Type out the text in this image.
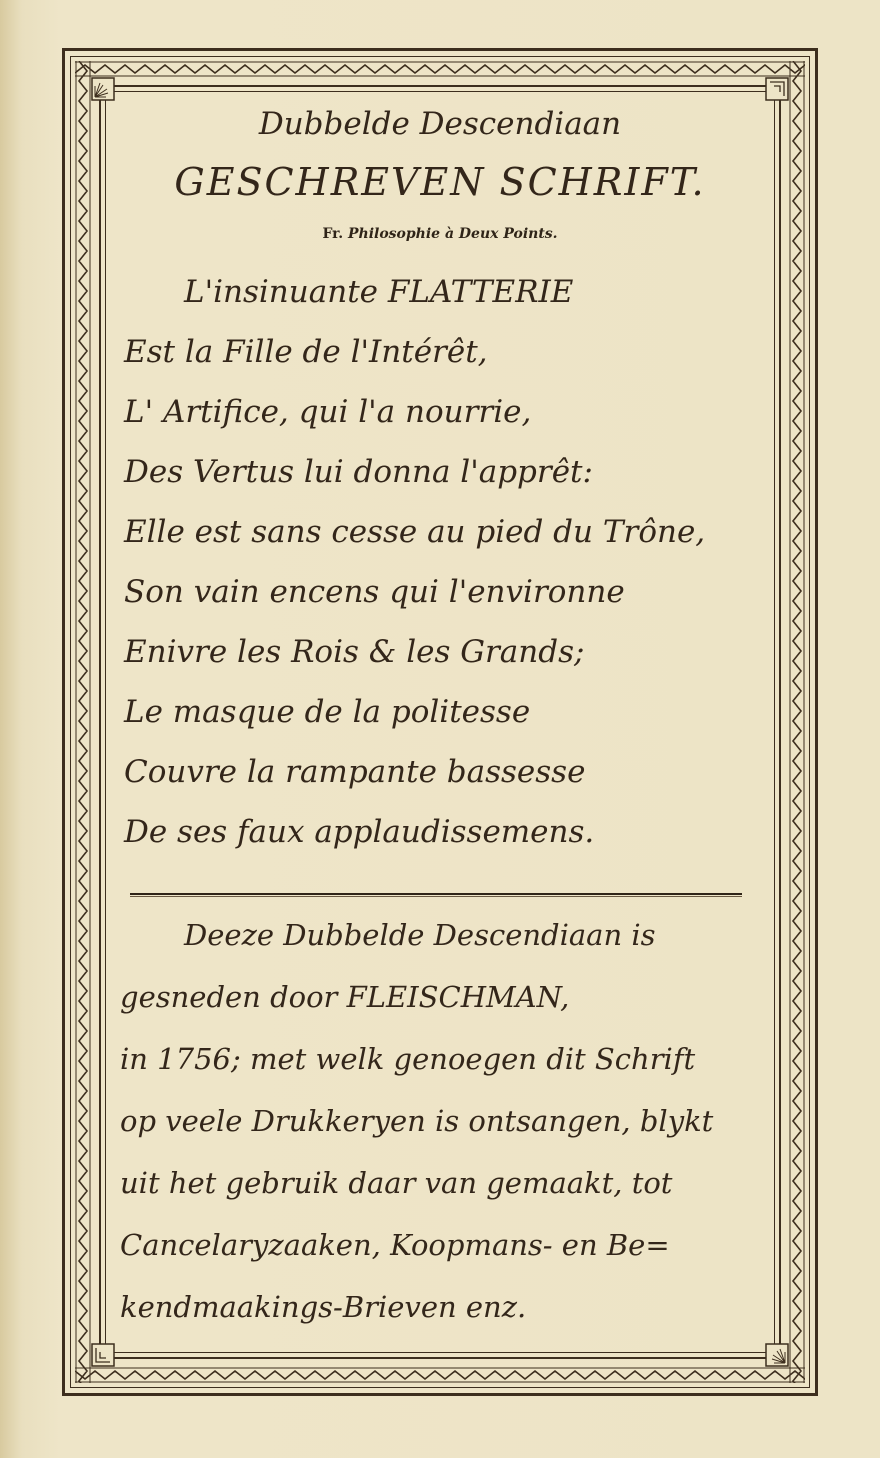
Dubbelde Descendiaan
GESCHREVEN SCHRIFT.
Fr. Philosophie à Deux Points.
L'insinuante FLATTERIE
Est la Fille de l'Intérêt,
L' Artifice, qui l'a nourrie,
Des Vertus lui donna l'apprêt:
Elle est sans cesse au pied du Trône,
Son vain encens qui l'environne
Enivre les Rois & les Grands;
Le masque de la politesse
Couvre la rampante bassesse
De ses faux applaudissemens.
Deeze Dubbelde Descendiaan is
gesneden door FLEISCHMAN,
in 1756; met welk genoegen dit Schrift
op veele Drukkeryen is ontsangen, blykt
uit het gebruik daar van gemaakt, tot
Cancelaryzaaken, Koopmans- en Be=
kendmaakings-Brieven enz.
